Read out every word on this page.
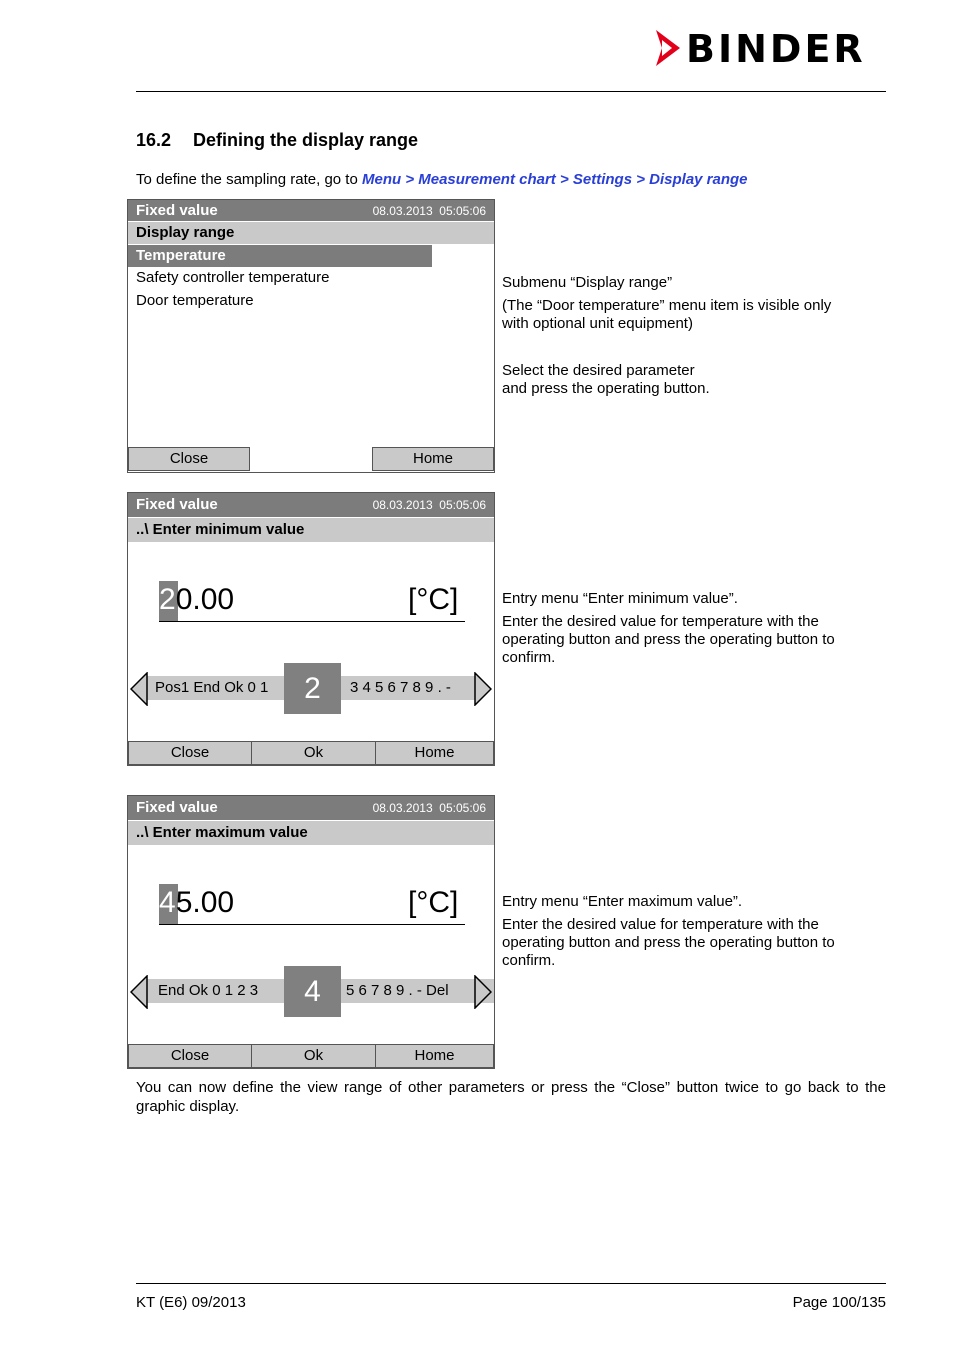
BINDER
16.2 Defining the display range
To define the sampling rate, go to Menu > Measurement chart > Settings > Display range
Fixed value	08.03.2013  05:05:06
Display range
Temperature
Safety controller temperature
Door temperature
Close	Home

Submenu “Display range”

(The “Door temperature” menu item is visible only with optional unit equipment)

Select the desired parameter

and press the operating button.

Fixed value	08.03.2013  05:05:06
..\ Enter minimum value
20.00	[°C]
Pos1 End Ok 0 1	3 4 5 6 7 8 9 . -
2
Close	Ok	Home

Entry menu “Enter minimum value”.

Enter the desired value for temperature with the operating button and press the operating button to confirm.

Fixed value	08.03.2013  05:05:06
..\ Enter maximum value
45.00	[°C]
End Ok 0 1 2 3	5 6 7 8 9 . - Del
4
Close	Ok	Home

Entry menu “Enter maximum value”.

Enter the desired value for temperature with the operating button and press the operating button to confirm.

You can now define the view range of other parameters or press the “Close” button twice to go back to the graphic display.
KT (E6) 09/2013	Page 100/135
